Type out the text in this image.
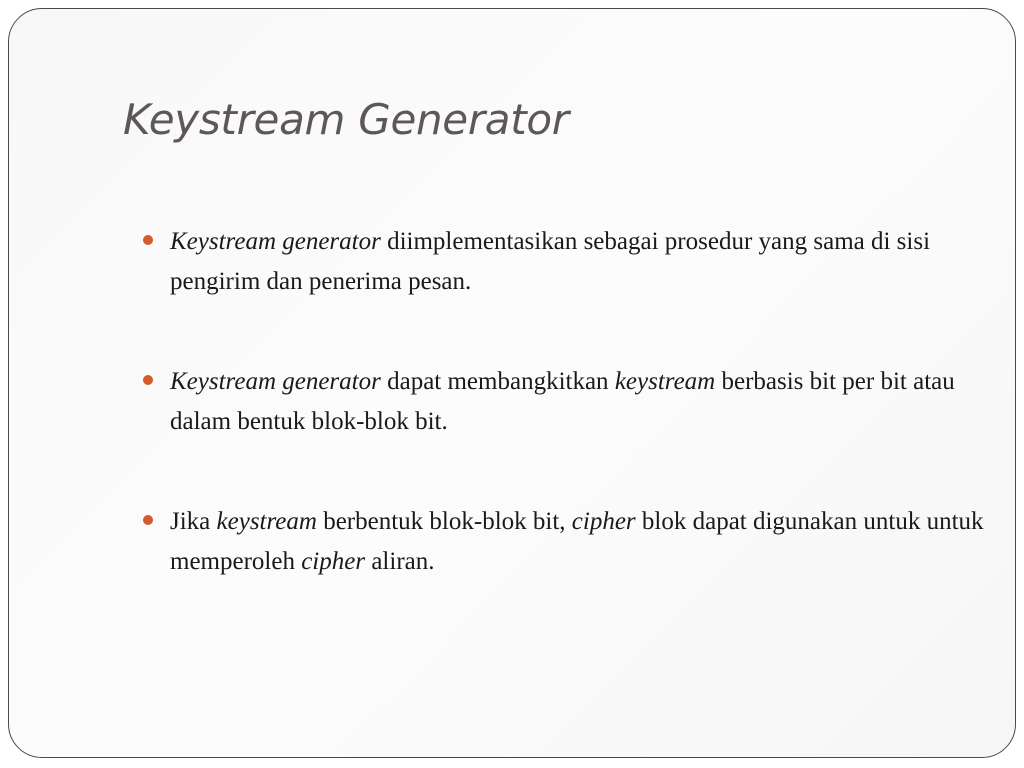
Keystream Generator
Keystream generator diimplementasikan sebagai prosedur yang sama di sisi pengirim dan penerima pesan.
Keystream generator dapat membangkitkan keystream berbasis bit per bit atau dalam bentuk blok-blok bit.
Jika keystream berbentuk blok-blok bit, cipher blok dapat digunakan untuk untuk memperoleh cipher aliran.
